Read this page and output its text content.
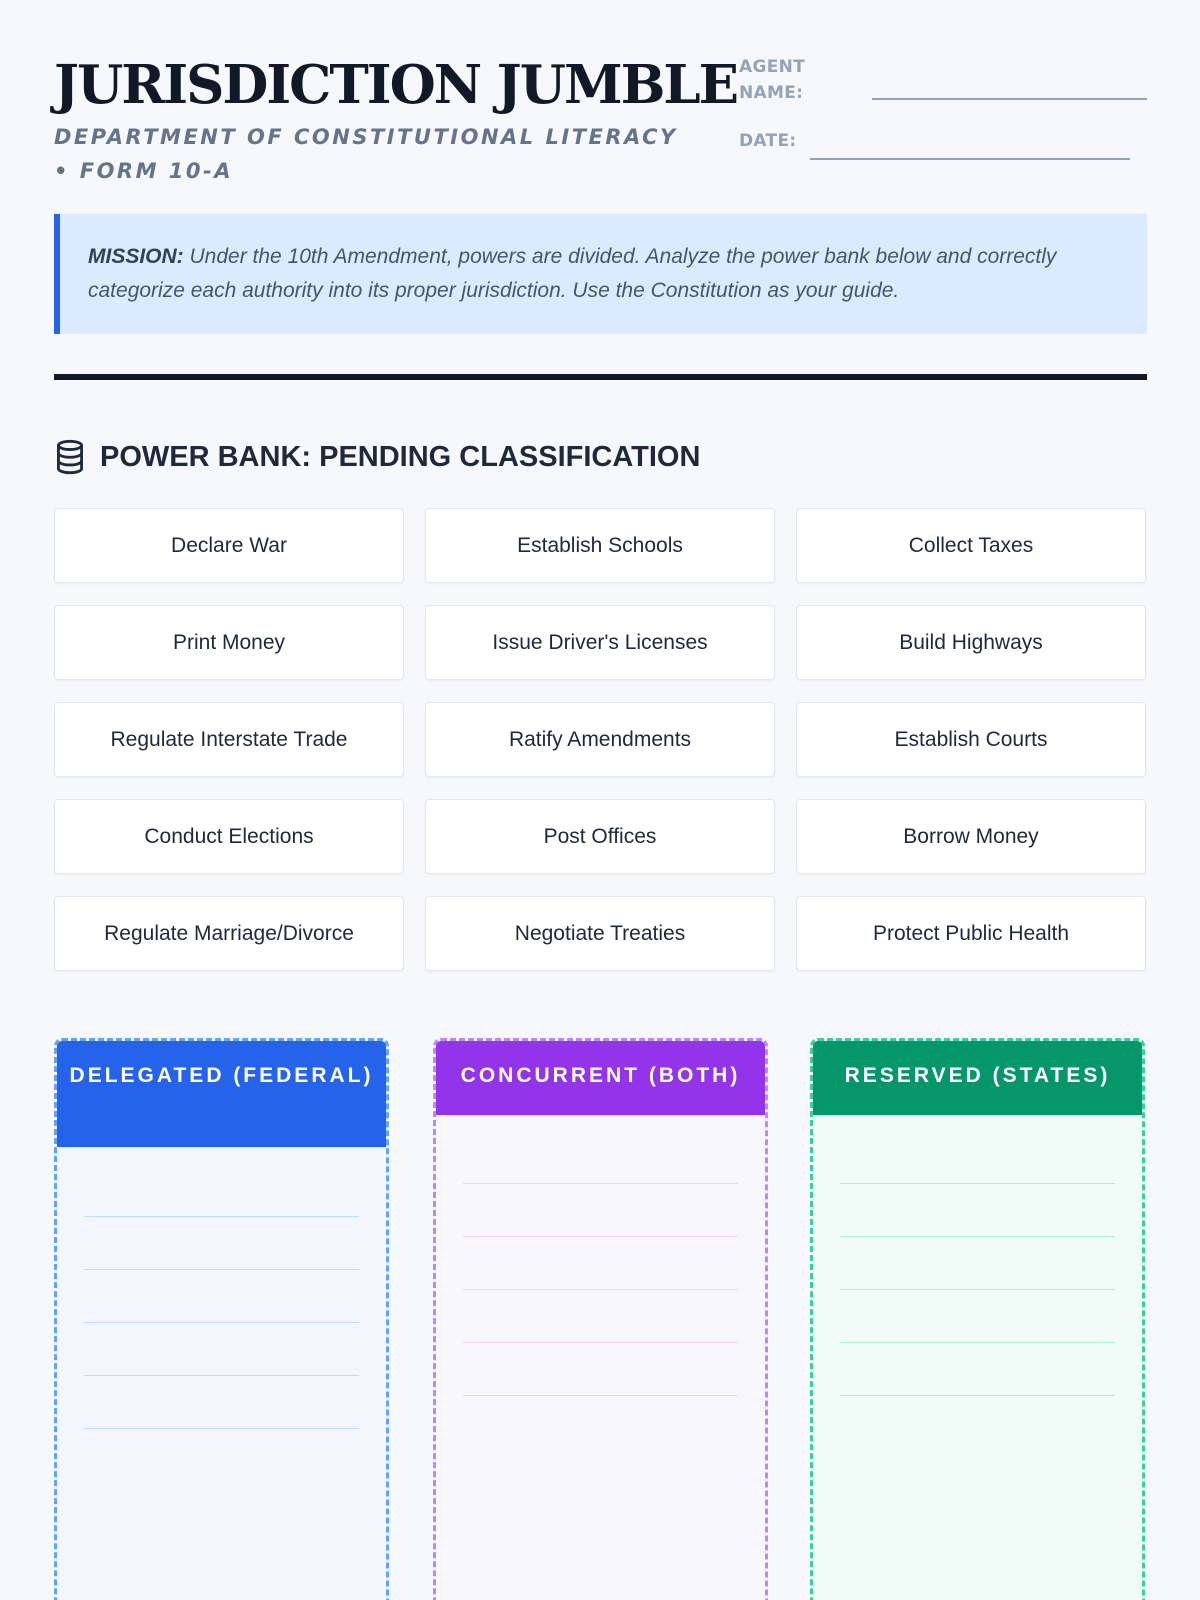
JURISDICTION JUMBLE
DEPARTMENT OF CONSTITUTIONAL LITERACY • FORM 10-A
AGENT NAME:
DATE:
MISSION: Under the 10th Amendment, powers are divided. Analyze the power bank below and correctly categorize each authority into its proper jurisdiction. Use the Constitution as your guide.
POWER BANK: PENDING CLASSIFICATION
Declare War	Establish Schools	Collect Taxes
Print Money	Issue Driver's Licenses	Build Highways
Regulate Interstate Trade	Ratify Amendments	Establish Courts
Conduct Elections	Post Offices	Borrow Money
Regulate Marriage/Divorce	Negotiate Treaties	Protect Public Health
DELEGATED (FEDERAL)	CONCURRENT (BOTH)	RESERVED (STATES)
